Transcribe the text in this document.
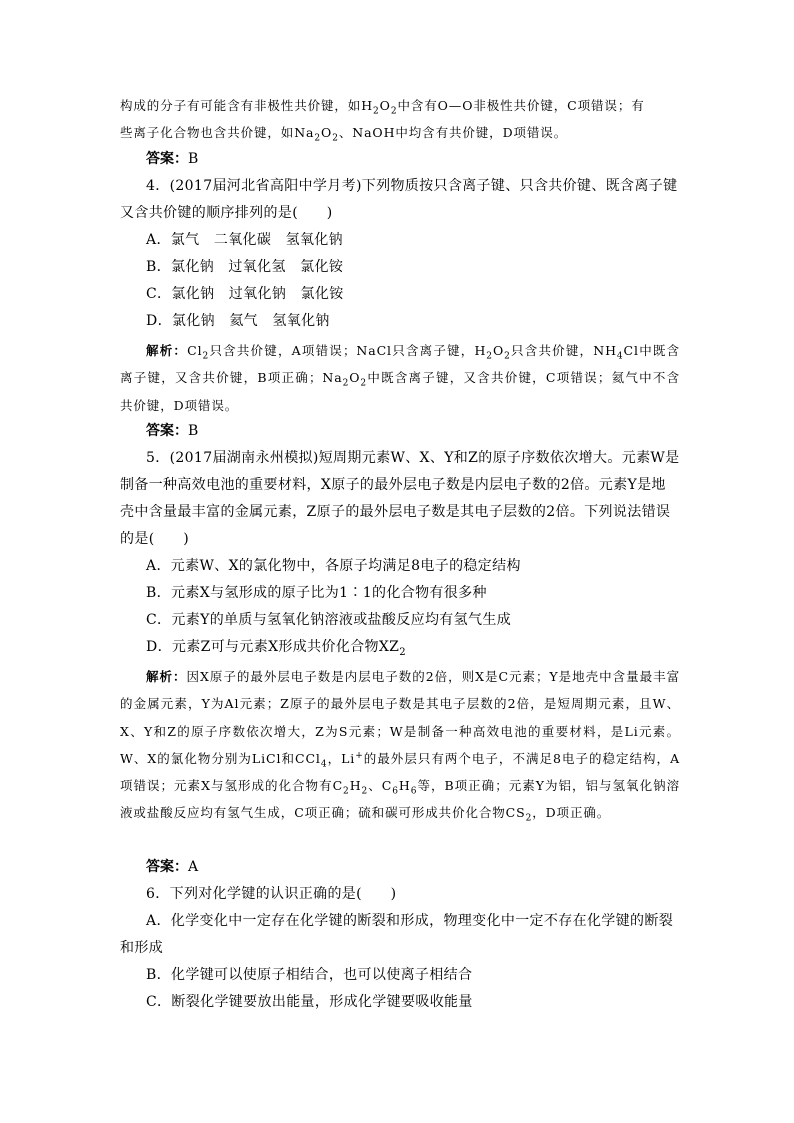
构成的分子有可能含有非极性共价键，如$H_2O_2$中含有O—O非极性共价键，C项错误；有
些离子化合物也含共价键，如$Na_2O_2$、NaOH中均含有共价键，D项错误。
答案：B
4．(2017届河北省高阳中学月考)下列物质按只含离子键、只含共价键、既含离子键又含共价键的顺序排列的是(　　)
A．氯气　二氧化碳　氢氧化钠
B．氯化钠　过氧化氢　氯化铵
C．氯化钠　过氧化钠　氯化铵
D．氯化钠　氦气　氢氧化钠
解析：$Cl_2$只含共价键，A项错误；NaCl只含离子键，$H_2O_2$只含共价键，$NH_4Cl$中既含离子键，又含共价键，B项正确；$Na_2O_2$中既含离子键，又含共价键，C项错误；氦气中不含共价键，D项错误。
答案：B
5．(2017届湖南永州模拟)短周期元素W、X、Y和Z的原子序数依次增大。元素W是制备一种高效电池的重要材料，X原子的最外层电子数是内层电子数的2倍。元素Y是地壳中含量最丰富的金属元素，Z原子的最外层电子数是其电子层数的2倍。下列说法错误的是(　　)
A．元素W、X的氯化物中，各原子均满足8电子的稳定结构
B．元素X与氢形成的原子比为1∶1的化合物有很多种
C．元素Y的单质与氢氧化钠溶液或盐酸反应均有氢气生成
D．元素Z可与元素X形成共价化合物$XZ_2$
解析：因X原子的最外层电子数是内层电子数的2倍，则X是C元素；Y是地壳中含量最丰富的金属元素，Y为Al元素；Z原子的最外层电子数是其电子层数的2倍，是短周期元素，且W、X、Y和Z的原子序数依次增大，Z为S元素；W是制备一种高效电池的重要材料，是Li元素。W、X的氯化物分别为LiCl和CCl$_4$，Li+的最外层只有两个电子，不满足8电子的稳定结构，A项错误；元素X与氢形成的化合物有$C_2H_2$、$C_6H_6$等，B项正确；元素Y为铝，铝与氢氧化钠溶液或盐酸反应均有氢气生成，C项正确；硫和碳可形成共价化合物$CS_2$，D项正确。
答案：A
6．下列对化学键的认识正确的是(　　)
A．化学变化中一定存在化学键的断裂和形成，物理变化中一定不存在化学键的断裂和形成
B．化学键可以使原子相结合，也可以使离子相结合
C．断裂化学键要放出能量，形成化学键要吸收能量
